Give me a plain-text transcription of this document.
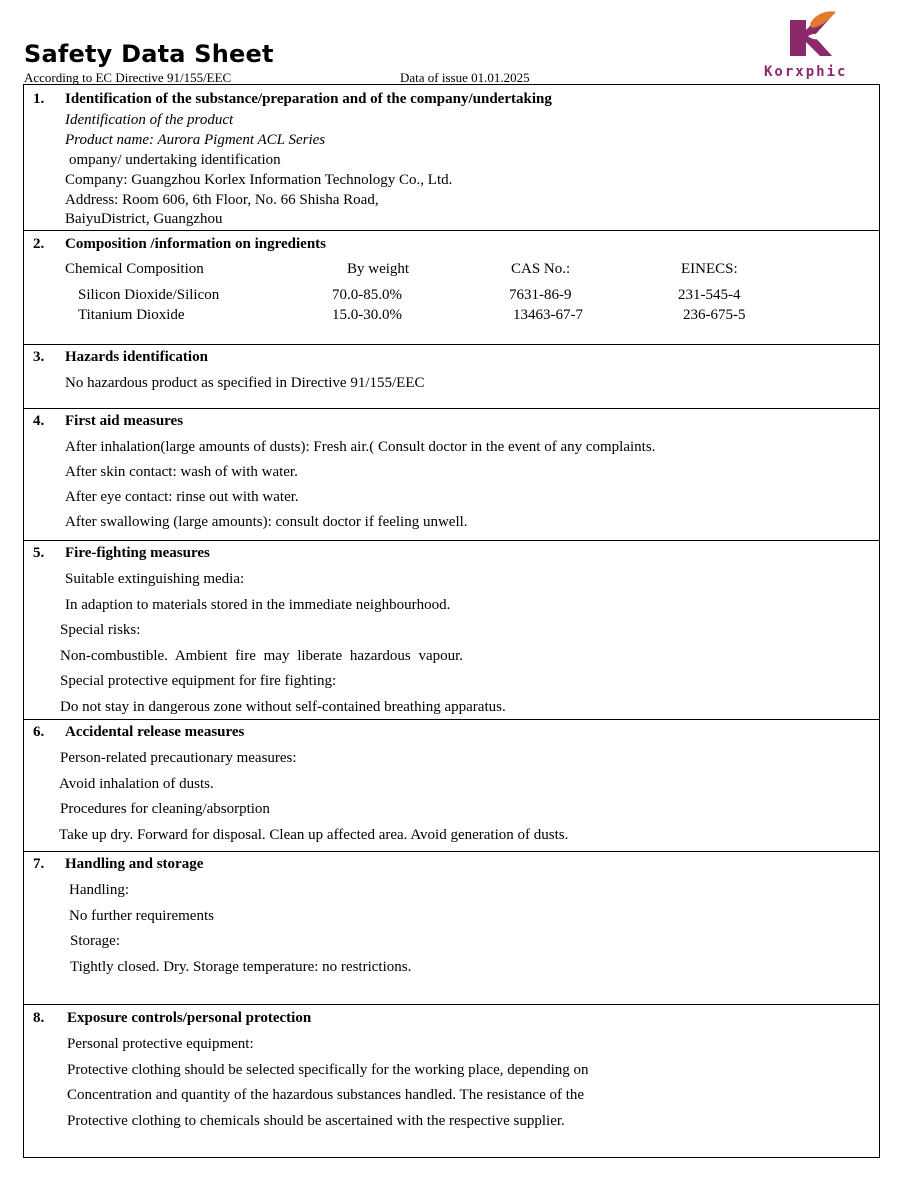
Safety Data Sheet
According to EC Directive 91/155/EEC	Data of issue 01.01.2025	Korxphic
1. Identification of the substance/preparation and of the company/undertaking
Identification of the product
Product name: Aurora Pigment ACL Series
ompany/ undertaking identification
Company: Guangzhou Korlex Information Technology Co., Ltd.
Address: Room 606, 6th Floor, No. 66 Shisha Road,
BaiyuDistrict, Guangzhou
2. Composition /information on ingredients
Chemical Composition	By weight	CAS No.:	EINECS:
Silicon Dioxide/Silicon	70.0-85.0%	7631-86-9	231-545-4
Titanium Dioxide	15.0-30.0%	13463-67-7	236-675-5
3. Hazards identification
No hazardous product as specified in Directive 91/155/EEC
4. First aid measures
After inhalation(large amounts of dusts): Fresh air.( Consult doctor in the event of any complaints.
After skin contact: wash of with water.
After eye contact: rinse out with water.
After swallowing (large amounts): consult doctor if feeling unwell.
5. Fire-fighting measures
Suitable extinguishing media:
In adaption to materials stored in the immediate neighbourhood.
Special risks:
Non-combustible. Ambient fire may liberate hazardous vapour.
Special protective equipment for fire fighting:
Do not stay in dangerous zone without self-contained breathing apparatus.
6. Accidental release measures
Person-related precautionary measures:
Avoid inhalation of dusts.
Procedures for cleaning/absorption
Take up dry. Forward for disposal. Clean up affected area. Avoid generation of dusts.
7. Handling and storage
Handling:
No further requirements
Storage:
Tightly closed. Dry. Storage temperature: no restrictions.
8. Exposure controls/personal protection
Personal protective equipment:
Protective clothing should be selected specifically for the working place, depending on
Concentration and quantity of the hazardous substances handled. The resistance of the
Protective clothing to chemicals should be ascertained with the respective supplier.
